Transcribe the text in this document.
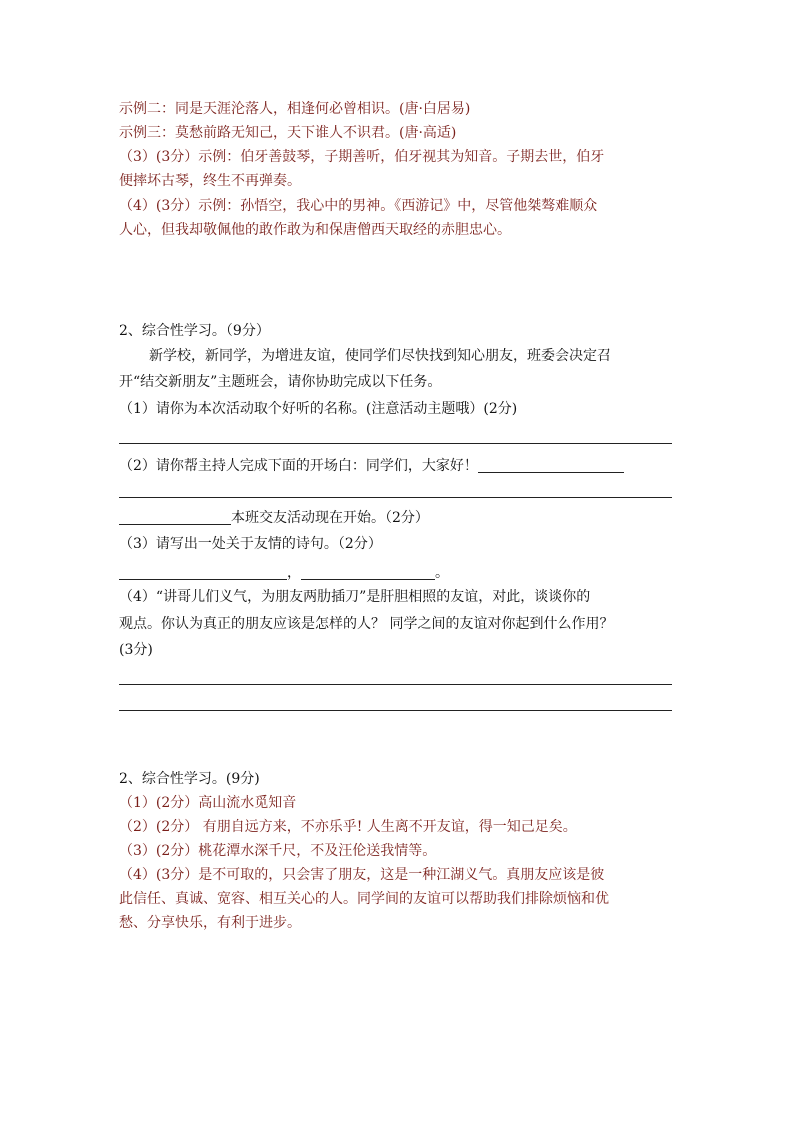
示例二：同是天涯沦落人，相逢何必曾相识。(唐·白居易)
示例三：莫愁前路无知己，天下谁人不识君。(唐·高适)
（3）(3分）示例：伯牙善鼓琴，子期善听，伯牙视其为知音。子期去世，伯牙
便摔坏古琴，终生不再弹奏。
（4）(3分）示例：孙悟空，我心中的男神。《西游记》中，尽管他桀骜难顺众
人心，但我却敬佩他的敢作敢为和保唐僧西天取经的赤胆忠心。
2、综合性学习。（9分）
新学校，新同学，为增进友谊，使同学们尽快找到知心朋友，班委会决定召
开“结交新朋友”主题班会，请你协助完成以下任务。
（1）请你为本次活动取个好听的名称。(注意活动主题哦）(2分)
（2）请你帮主持人完成下面的开场白：同学们，大家好！
本班交友活动现在开始。（2分）
（3）请写出一处关于友情的诗句。（2分）
，	。
（4）“讲哥儿们义气，为朋友两肋插刀”是肝胆相照的友谊，对此，谈谈你的
观点。你认为真正的朋友应该是怎样的人？ 同学之间的友谊对你起到什么作用？
(3分)
2、综合性学习。(9分)
（1）(2分）高山流水觅知音
（2）(2分） 有朋自远方来，不亦乐乎! 人生离不开友谊，得一知己足矣。
（3）(2分）桃花潭水深千尺，不及汪伦送我情等。
（4）(3分）是不可取的，只会害了朋友，这是一种江湖义气。真朋友应该是彼
此信任、真诚、宽容、相互关心的人。同学间的友谊可以帮助我们排除烦恼和优
愁、分享快乐，有利于进步。
